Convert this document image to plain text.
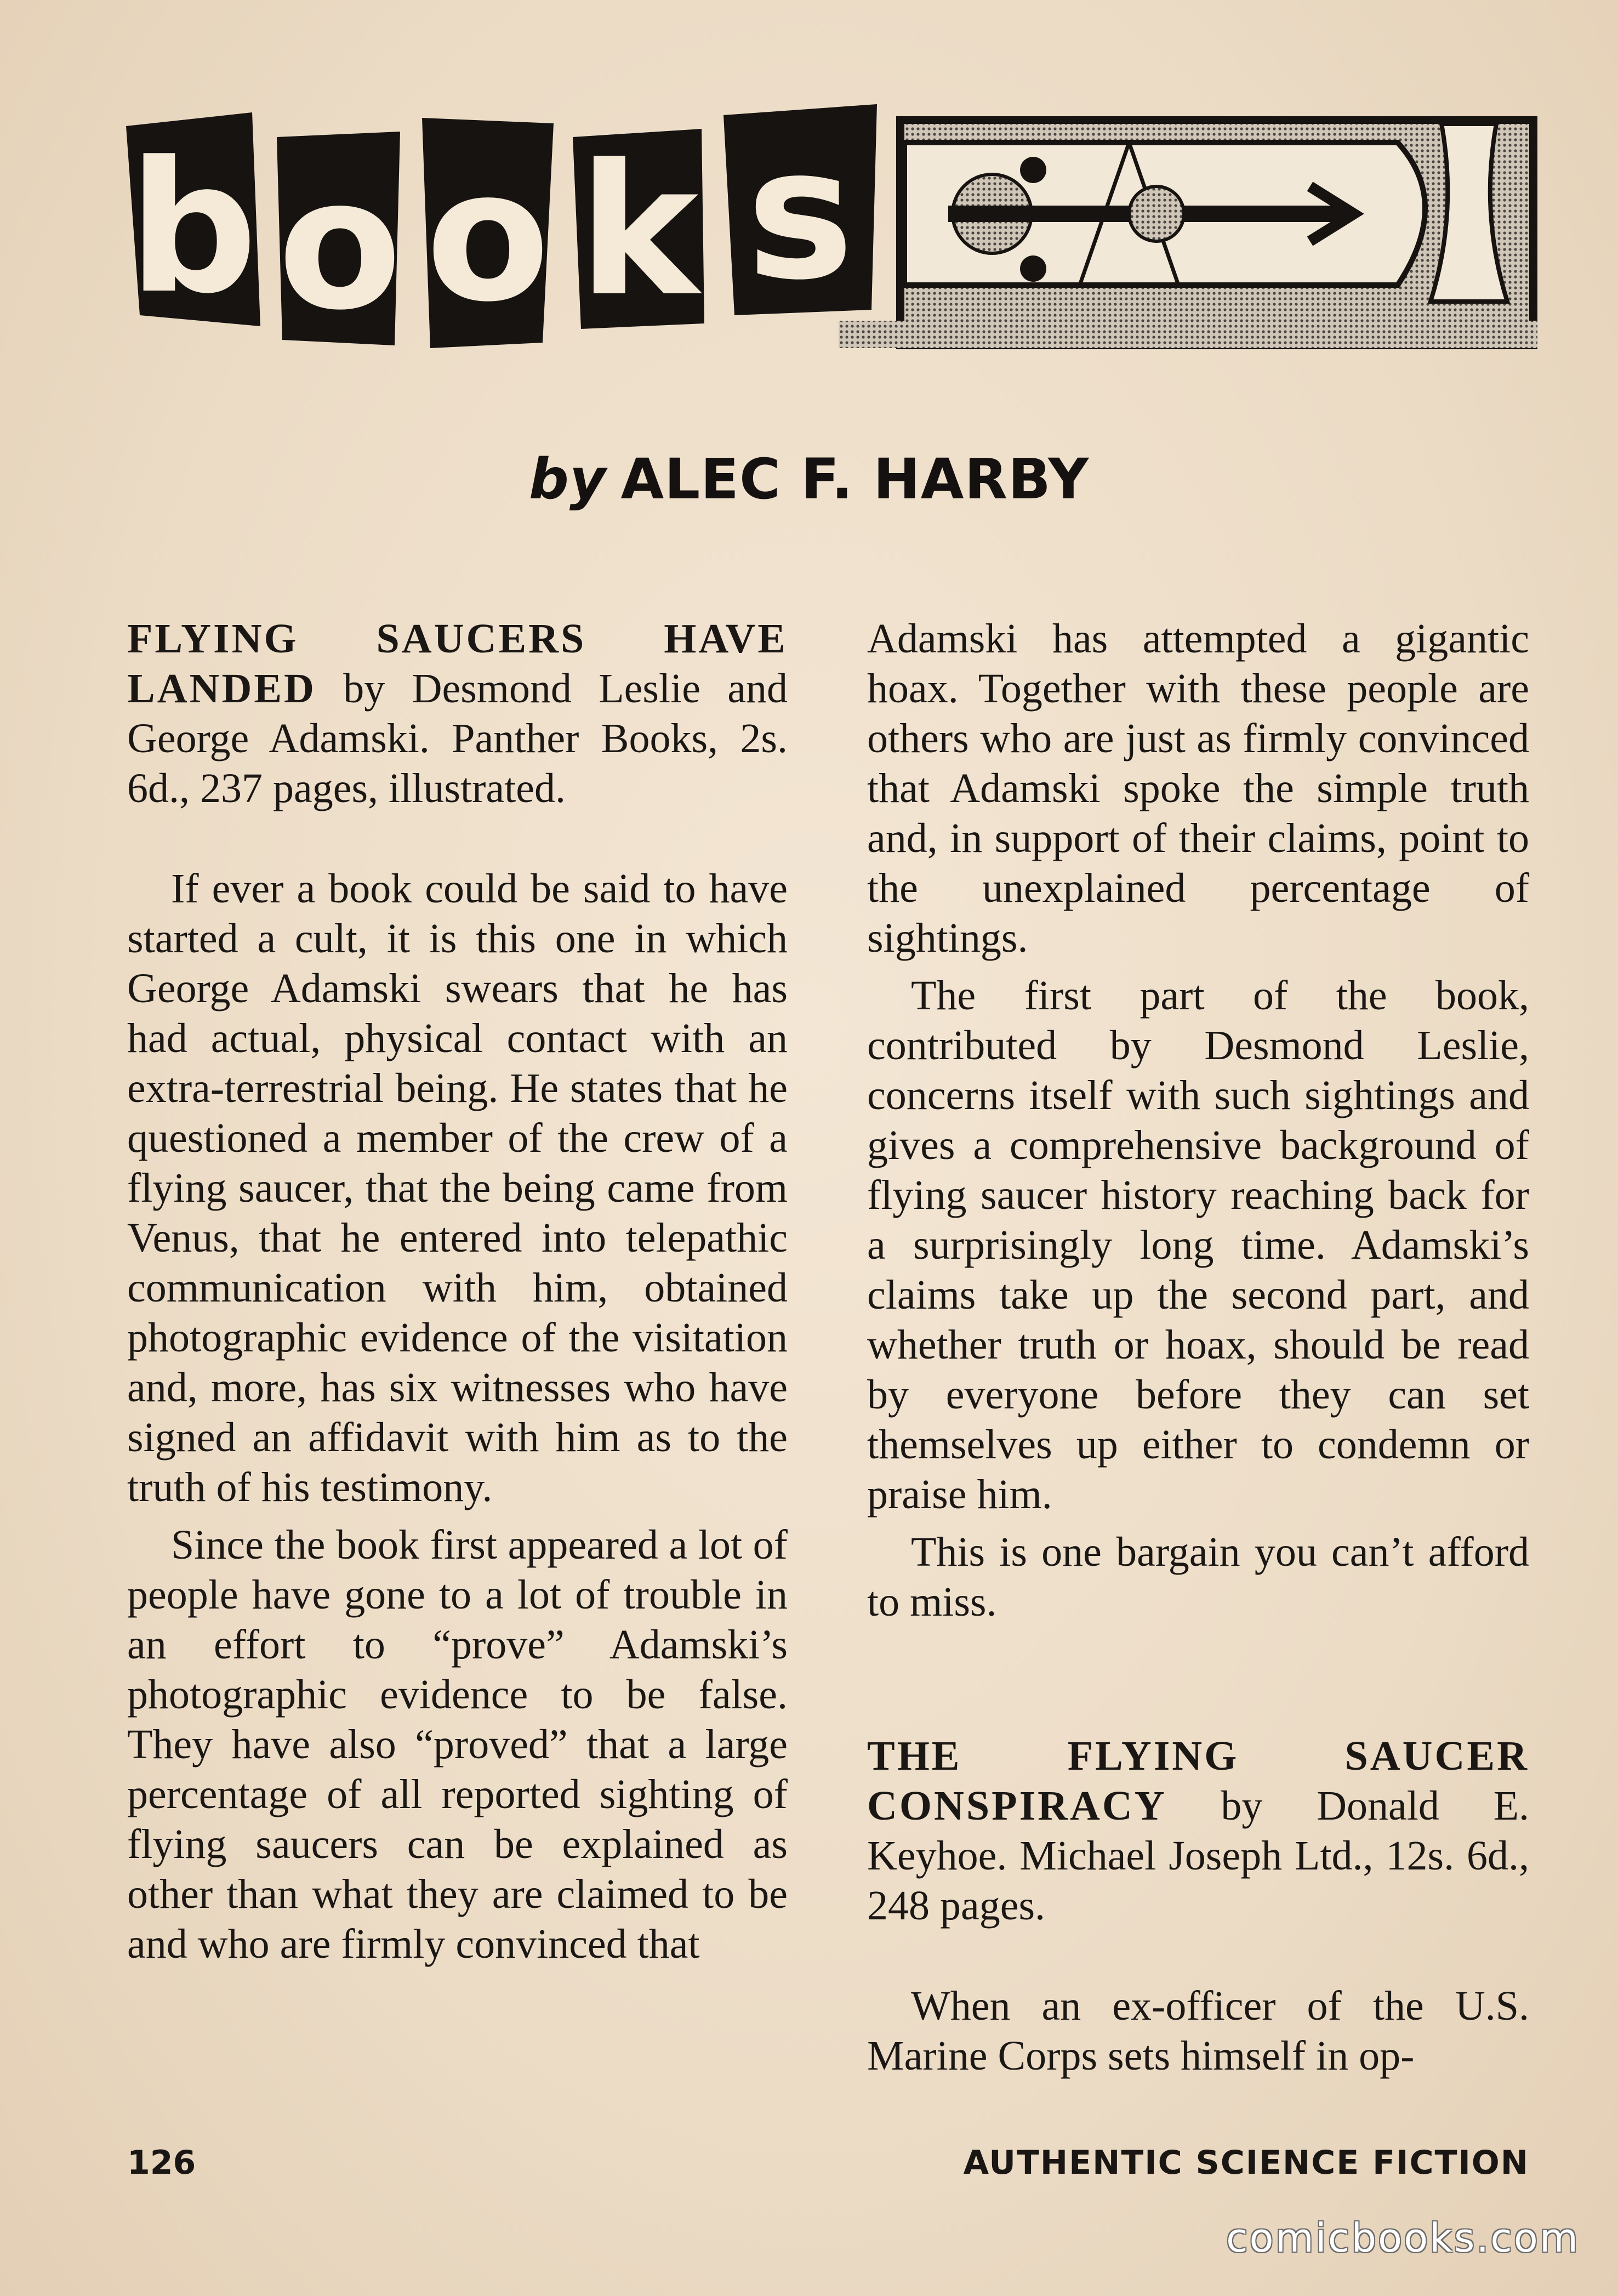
b o o k s
by ALEC F. HARBY

FLYING SAUCERS HAVE LANDED by Desmond Leslie and George Adamski. Panther Books, 2s. 6d., 237 pages, illustrated.

If ever a book could be said to have started a cult, it is this one in which George Adamski swears that he has had actual, physical contact with an extra-terrestrial being. He states that he questioned a member of the crew of a flying saucer, that the being came from Venus, that he entered into telepathic communication with him, obtained photographic evidence of the visitation and, more, has six witnesses who have signed an affidavit with him as to the truth of his testimony.

Since the book first appeared a lot of people have gone to a lot of trouble in an effort to “prove” Adamski’s photographic evidence to be false. They have also “proved” that a large percentage of all reported sighting of flying saucers can be explained as other than what they are claimed to be and who are firmly convinced that

Adamski has attempted a gigantic hoax. Together with these people are others who are just as firmly convinced that Adamski spoke the simple truth and, in support of their claims, point to the unexplained percentage of sightings.

The first part of the book, contributed by Desmond Leslie, concerns itself with such sightings and gives a comprehensive background of flying saucer history reaching back for a surprisingly long time. Adamski’s claims take up the second part, and whether truth or hoax, should be read by everyone before they can set themselves up either to condemn or praise him.

This is one bargain you can’t afford to miss.

THE FLYING SAUCER CONSPIRACY by Donald E. Keyhoe. Michael Joseph Ltd., 12s. 6d., 248 pages.

When an ex-officer of the U.S. Marine Corps sets himself in op-

126	AUTHENTIC SCIENCE FICTION
comicbooks.com
